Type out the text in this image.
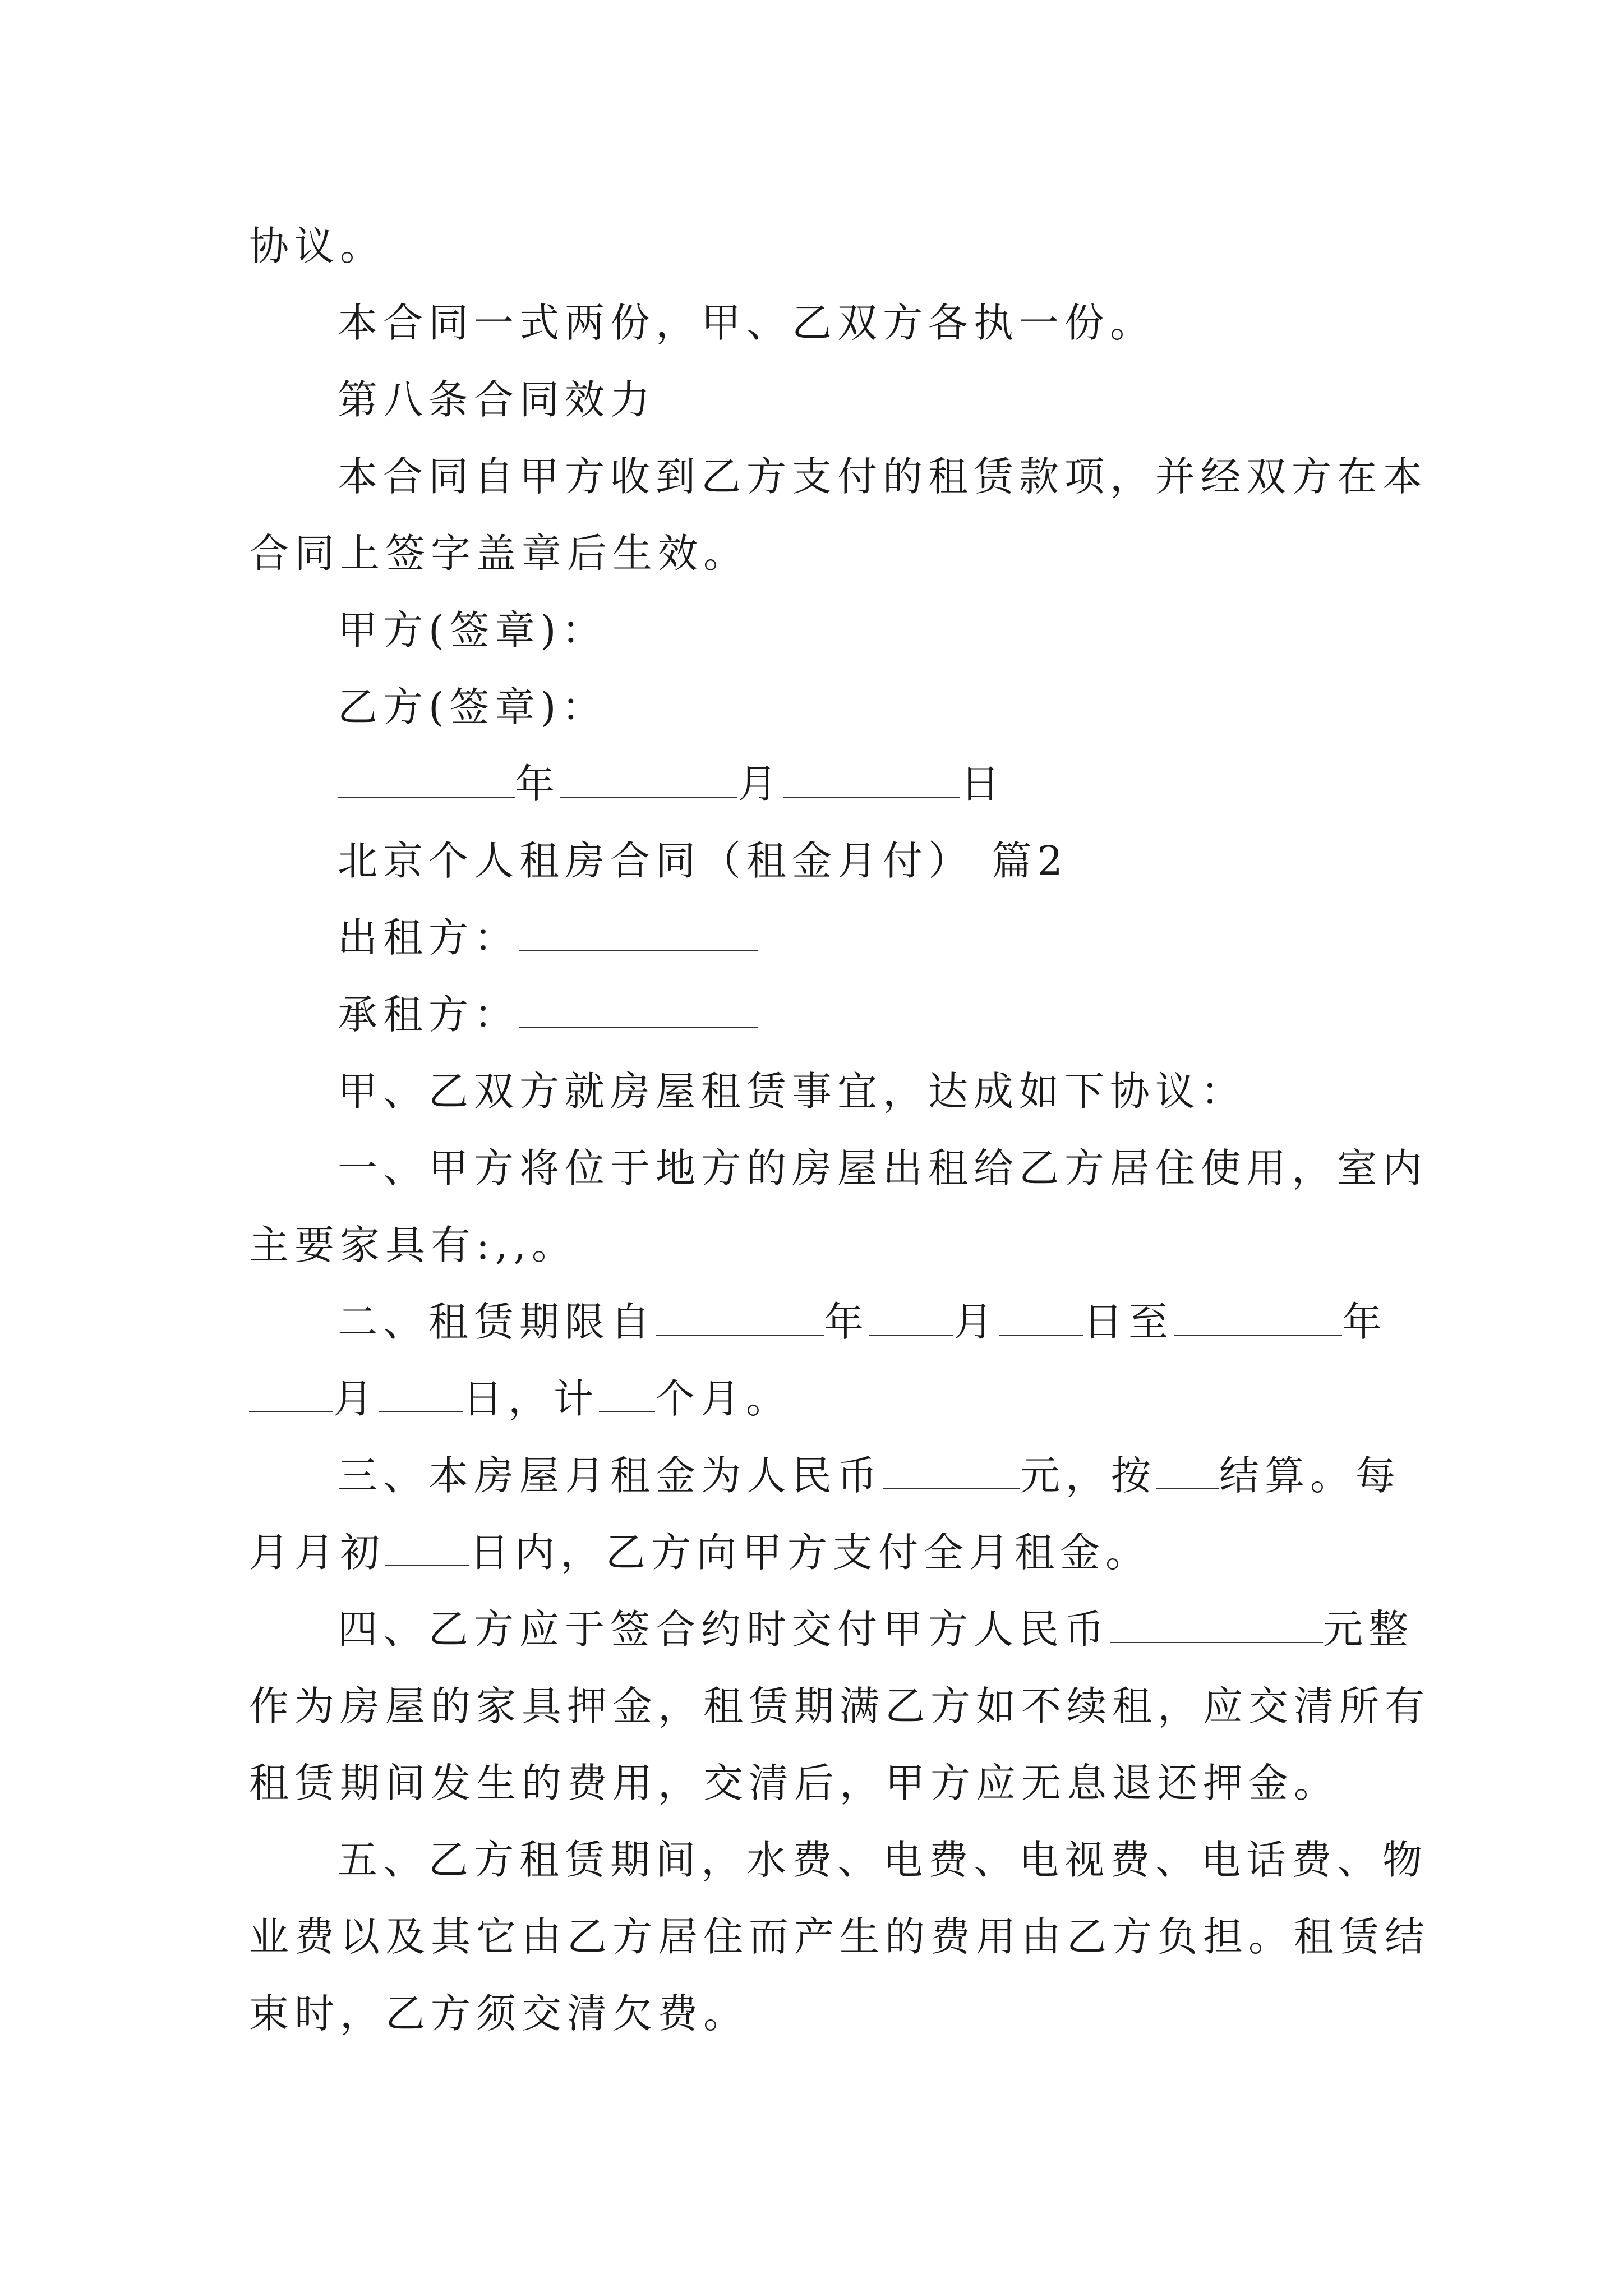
协议。
本合同一式两份，甲、乙双方各执一份。
第八条合同效力
本合同自甲方收到乙方支付的租赁款项，并经双方在本
合同上签字盖章后生效。
甲方(签章)：
乙方(签章)：
年	月	日
北京个人租房合同（租金月付） 篇2
出租方：
承租方：
甲、乙双方就房屋租赁事宜，达成如下协议：
一、甲方将位于地方的房屋出租给乙方居住使用，室内
主要家具有:,,。
二、租赁期限自	年 月 日至	年
月 日，计 个月。
三、本房屋月租金为人民币	元，按 结算。每
月月初 日内，乙方向甲方支付全月租金。
四、乙方应于签合约时交付甲方人民币	元整
作为房屋的家具押金，租赁期满乙方如不续租，应交清所有
租赁期间发生的费用，交清后，甲方应无息退还押金。
五、乙方租赁期间，水费、电费、电视费、电话费、物
业费以及其它由乙方居住而产生的费用由乙方负担。租赁结
束时，乙方须交清欠费。
